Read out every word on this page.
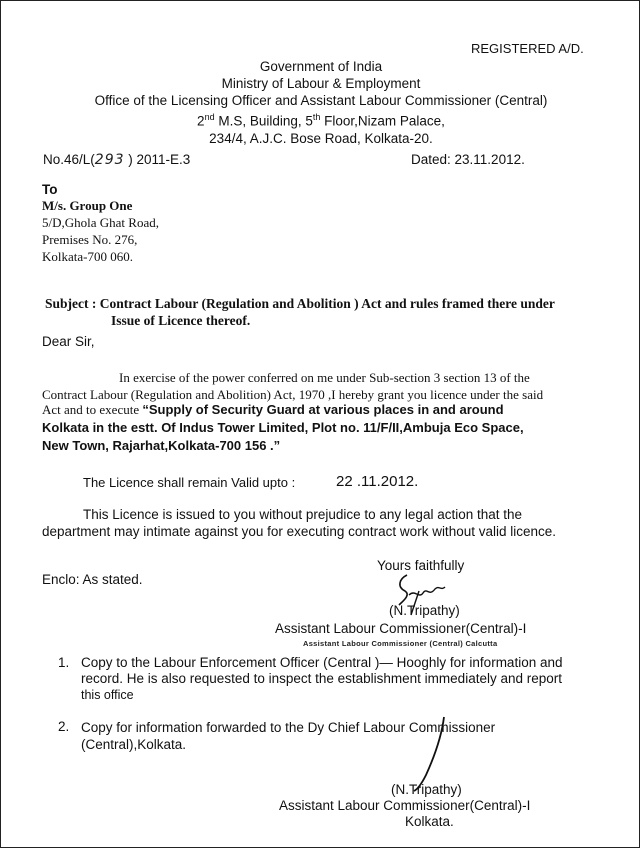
REGISTERED A/D.
Government of India
Ministry of Labour & Employment
Office of the Licensing Officer and Assistant Labour Commissioner (Central)
2nd M.S, Building, 5th Floor,Nizam Palace,
234/4, A.J.C. Bose Road, Kolkata-20.
No.46/L(293 ) 2011-E.3	Dated: 23.11.2012.
To
M/s. Group One
5/D,Ghola Ghat Road,
Premises No. 276,
Kolkata-700 060.
Subject : Contract Labour (Regulation and Abolition ) Act and rules framed there under
Issue of Licence thereof.
Dear Sir,
In exercise of the power conferred on me under Sub-section 3 section 13 of the
Contract Labour (Regulation and Abolition) Act, 1970 ,I hereby grant you licence under the said
Act and to execute “Supply of Security Guard at various places in and around
Kolkata in the estt. Of Indus Tower Limited, Plot no. 11/F/II,Ambuja Eco Space,
New Town, Rajarhat,Kolkata-700 156 .”
The Licence shall remain Valid upto :	22 .11.2012.
This Licence is issued to you without prejudice to any legal action that the
department may intimate against you for executing contract work without valid licence.
Yours faithfully
Enclo: As stated.
(N.Tripathy)
Assistant Labour Commissioner(Central)-I
Assistant Labour Commissioner (Central) Calcutta
1. Copy to the Labour Enforcement Officer (Central )— Hooghly for information and
record. He is also requested to inspect the establishment immediately and report
this office
2. Copy for information forwarded to the Dy Chief Labour Commissioner
(Central),Kolkata.
(N.Tripathy)
Assistant Labour Commissioner(Central)-I
Kolkata.
